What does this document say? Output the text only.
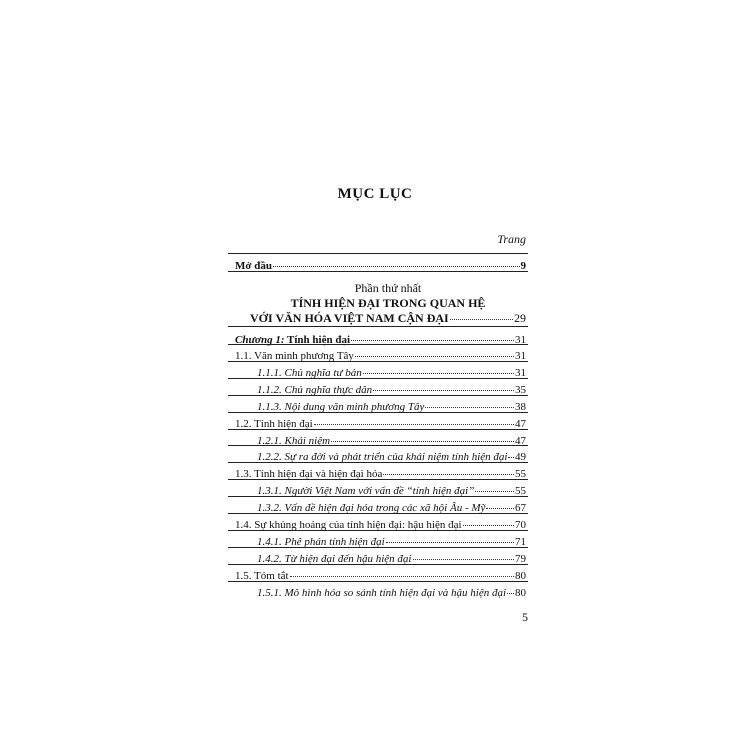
MỤC LỤC
Trang
Mở đầu	9
Phần thứ nhất
TÍNH HIỆN ĐẠI TRONG QUAN HỆ
VỚI VĂN HÓA VIỆT NAM CẬN ĐẠI	29
Chương 1: Tính hiện đại	31
1.1. Văn minh phương Tây	31
1.1.1. Chủ nghĩa tư bản	31
1.1.2. Chủ nghĩa thực dân	35
1.1.3. Nội dung văn minh phương Tây	38
1.2. Tính hiện đại	47
1.2.1. Khái niệm	47
1.2.2. Sự ra đời và phát triển của khái niệm tính hiện đại 49
1.3. Tính hiện đại và hiện đại hóa	55
1.3.1. Người Việt Nam với vấn đề “tính hiện đại”	55
1.3.2. Vấn đề hiện đại hóa trong các xã hội Âu - Mỹ	67
1.4. Sự khủng hoảng của tính hiện đại: hậu hiện đại	70
1.4.1. Phê phán tính hiện đại	71
1.4.2. Từ hiện đại đến hậu hiện đại	79
1.5. Tóm tắt	80
1.5.1. Mô hình hóa so sánh tính hiện đại và hậu hiện đại 80
5
